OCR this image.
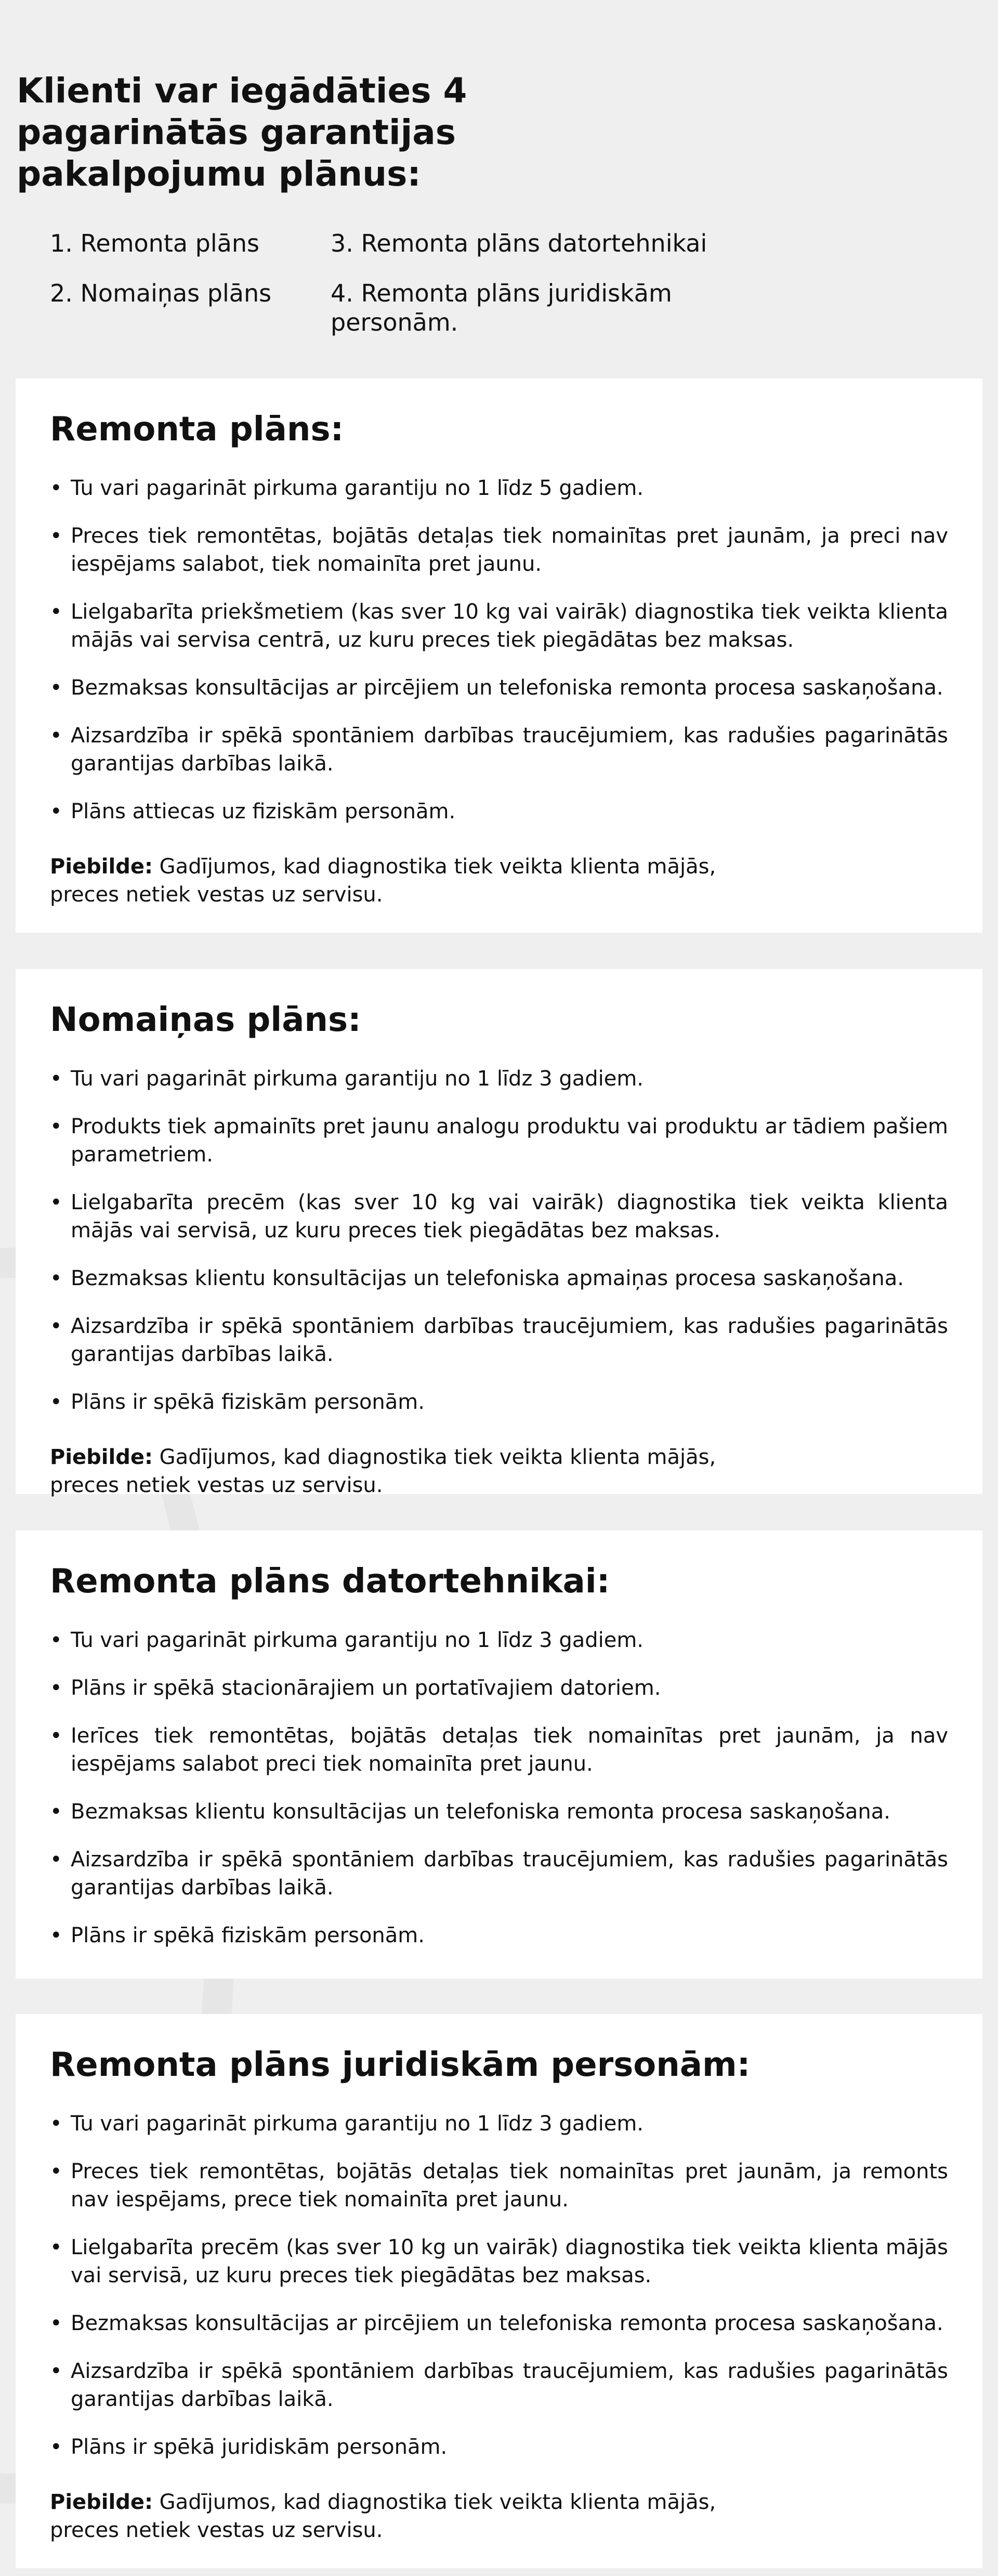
Klienti var iegādāties 4 pagarinātās garantijas pakalpojumu plānus:
1. Remonta plāns	3. Remonta plāns datortehnikai
2. Nomaiņas plāns	4. Remonta plāns juridiskām personām.
Remonta plāns:
• Tu vari pagarināt pirkuma garantiju no 1 līdz 5 gadiem.
• Preces tiek remontētas, bojātās detaļas tiek nomainītas pret jaunām, ja preci nav iespējams salabot, tiek nomainīta pret jaunu.
• Lielgabarīta priekšmetiem (kas sver 10 kg vai vairāk) diagnostika tiek veikta klienta mājās vai servisa centrā, uz kuru preces tiek piegādātas bez maksas.
• Bezmaksas konsultācijas ar pircējiem un telefoniska remonta procesa saskaņošana.
• Aizsardzība ir spēkā spontāniem darbības traucējumiem, kas radušies pagarinātās garantijas darbības laikā.
• Plāns attiecas uz fiziskām personām.

Piebilde: Gadījumos, kad diagnostika tiek veikta klienta mājās, preces netiek vestas uz servisu.

Nomaiņas plāns:
• Tu vari pagarināt pirkuma garantiju no 1 līdz 3 gadiem.
• Produkts tiek apmainīts pret jaunu analogu produktu vai produktu ar tādiem pašiem parametriem.
• Lielgabarīta precēm (kas sver 10 kg vai vairāk) diagnostika tiek veikta klienta mājās vai servisā, uz kuru preces tiek piegādātas bez maksas.
• Bezmaksas klientu konsultācijas un telefoniska apmaiņas procesa saskaņošana.
• Aizsardzība ir spēkā spontāniem darbības traucējumiem, kas radušies pagarinātās garantijas darbības laikā.
• Plāns ir spēkā fiziskām personām.

Piebilde: Gadījumos, kad diagnostika tiek veikta klienta mājās, preces netiek vestas uz servisu.

Remonta plāns datortehnikai:
• Tu vari pagarināt pirkuma garantiju no 1 līdz 3 gadiem.
• Plāns ir spēkā stacionārajiem un portatīvajiem datoriem.
• Ierīces tiek remontētas, bojātās detaļas tiek nomainītas pret jaunām, ja nav iespējams salabot preci tiek nomainīta pret jaunu.
• Bezmaksas klientu konsultācijas un telefoniska remonta procesa saskaņošana.
• Aizsardzība ir spēkā spontāniem darbības traucējumiem, kas radušies pagarinātās garantijas darbības laikā.
• Plāns ir spēkā fiziskām personām.
Remonta plāns juridiskām personām:
• Tu vari pagarināt pirkuma garantiju no 1 līdz 3 gadiem.
• Preces tiek remontētas, bojātās detaļas tiek nomainītas pret jaunām, ja remonts nav iespējams, prece tiek nomainīta pret jaunu.
• Lielgabarīta precēm (kas sver 10 kg un vairāk) diagnostika tiek veikta klienta mājās vai servisā, uz kuru preces tiek piegādātas bez maksas.
• Bezmaksas konsultācijas ar pircējiem un telefoniska remonta procesa saskaņošana.
• Aizsardzība ir spēkā spontāniem darbības traucējumiem, kas radušies pagarinātās garantijas darbības laikā.
• Plāns ir spēkā juridiskām personām.

Piebilde: Gadījumos, kad diagnostika tiek veikta klienta mājās, preces netiek vestas uz servisu.
